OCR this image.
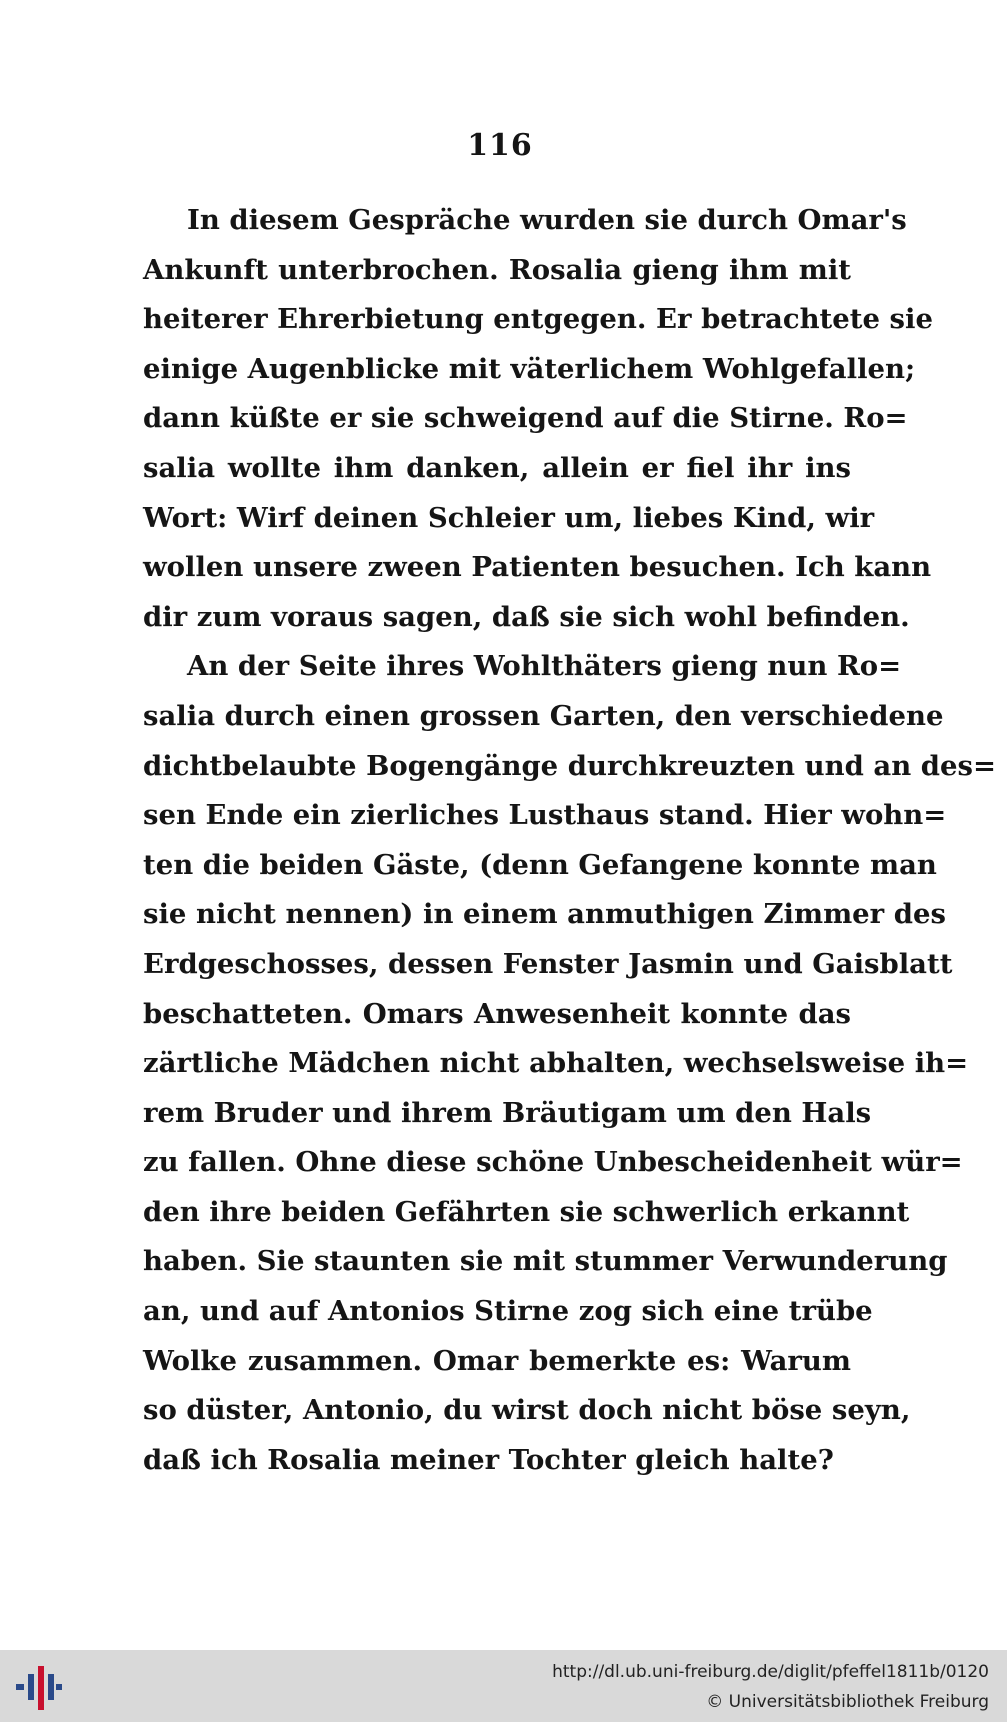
116
In diesem Gespräche wurden sie durch Omar's
Ankunft unterbrochen. Rosalia gieng ihm mit
heiterer Ehrerbietung entgegen. Er betrachtete sie
einige Augenblicke mit väterlichem Wohlgefallen;
dann küßte er sie schweigend auf die Stirne. Ro=
salia wollte ihm danken, allein er fiel ihr ins
Wort: Wirf deinen Schleier um, liebes Kind, wir
wollen unsere zween Patienten besuchen. Ich kann
dir zum voraus sagen, daß sie sich wohl befinden.
An der Seite ihres Wohlthäters gieng nun Ro=
salia durch einen grossen Garten, den verschiedene
dichtbelaubte Bogengänge durchkreuzten und an des=
sen Ende ein zierliches Lusthaus stand. Hier wohn=
ten die beiden Gäste, (denn Gefangene konnte man
sie nicht nennen) in einem anmuthigen Zimmer des
Erdgeschosses, dessen Fenster Jasmin und Gaisblatt
beschatteten. Omars Anwesenheit konnte das
zärtliche Mädchen nicht abhalten, wechselsweise ih=
rem Bruder und ihrem Bräutigam um den Hals
zu fallen. Ohne diese schöne Unbescheidenheit wür=
den ihre beiden Gefährten sie schwerlich erkannt
haben. Sie staunten sie mit stummer Verwunderung
an, und auf Antonios Stirne zog sich eine trübe
Wolke zusammen. Omar bemerkte es: Warum
so düster, Antonio, du wirst doch nicht böse seyn,
daß ich Rosalia meiner Tochter gleich halte?
http://dl.ub.uni-freiburg.de/diglit/pfeffel1811b/0120
© Universitätsbibliothek Freiburg
